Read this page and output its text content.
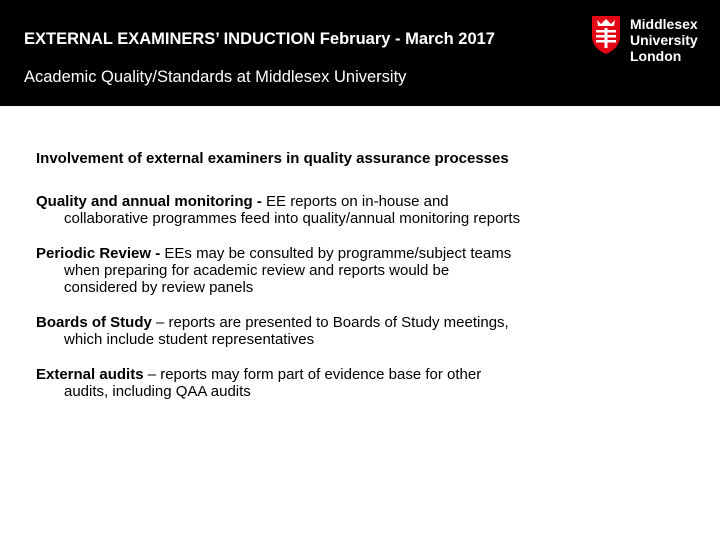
EXTERNAL EXAMINERS’ INDUCTION February - March 2017

Academic Quality/Standards at Middlesex University

Middlesex
University
London

Involvement of external examiners in quality assurance processes

Quality and annual monitoring - EE reports on in-house and
collaborative programmes feed into quality/annual monitoring reports
Periodic Review - EEs may be consulted by programme/subject teams
when preparing for academic review and reports would be
considered by review panels
Boards of Study – reports are presented to Boards of Study meetings,
which include student representatives
External audits – reports may form part of evidence base for other
audits, including QAA audits
